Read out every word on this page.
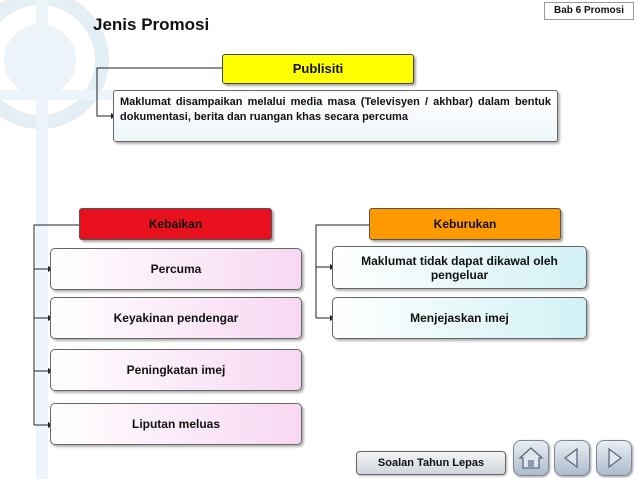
Bab 6 Promosi
Jenis Promosi
Publisiti
Maklumat disampaikan melalui media masa (Televisyen / akhbar) dalam bentuk dokumentasi, berita dan ruangan khas secara percuma
Kebaikan	Keburukan
Percuma
Keyakinan pendengar
Peningkatan imej
Liputan meluas
Maklumat tidak dapat dikawal oleh pengeluar
Menjejaskan imej
Soalan Tahun Lepas
